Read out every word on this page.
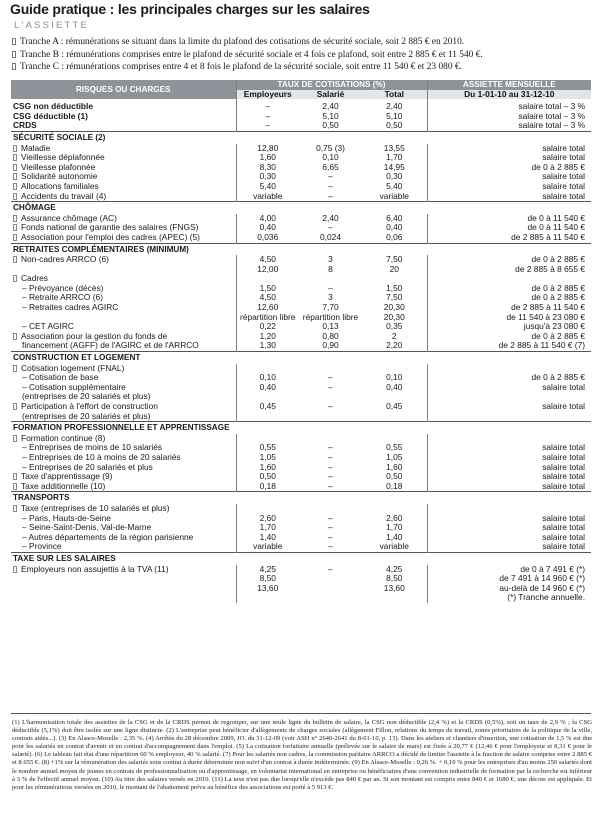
Guide pratique : les principales charges sur les salaires
L'ASSIETTE
Tranche A : rémunérations se situant dans la limite du plafond des cotisations de sécurité sociale, soit 2 885 € en 2010.
Tranche B : rémunérations comprises entre le plafond de sécurité sociale et 4 fois ce plafond, soit entre 2 885 € et 11 540 €.
Tranche C : rémunérations comprises entre 4 et 8 fois le plafond de la sécurité sociale, soit entre 11 540 € et 23 080 €.
RISQUES OU CHARGES	TAUX DE COTISATIONS (%)			ASSIETTE MENSUELLE
	Employeurs	Salarié	Total	Du 1-01-10 au 31-12-10
CSG non déductible	–	2,40	2,40	salaire total – 3 %
CSG déductible (1)	–	5,10	5,10	salaire total – 3 %
CRDS	–	0,50	0,50	salaire total – 3 %
SÉCURITÉ SOCIALE (2)				
Maladie	12,80	0,75 (3)	13,55	salaire total
Vieillesse déplafonnée	1,60	0,10	1,70	salaire total
Vieillesse plafonnée	8,30	6,65	14,95	de 0 à 2 885 €
Solidarité autonomie	0,30	–	0,30	salaire total
Allocations familiales	5,40	–	5,40	salaire total
Accidents du travail (4)	variable	–	variable	salaire total
CHÔMAGE				
Assurance chômage (AC)	4,00	2,40	6,40	de 0 à 11 540 €
Fonds national de garantie des salaires (FNGS)	0,40	–	0,40	de 0 à 11 540 €
Association pour l'emploi des cadres (APEC) (5)	0,036	0,024	0,06	de 2 885 à 11 540 €
RETRAITES COMPLÉMENTAIRES (MINIMUM)				
Non-cadres ARRCO (6)	4,50	3	7,50	de 0 à 2 885 €
	12,00	8	20	de 2 885 à 8 655 €

Cadres				
– Prévoyance (décès)	1,50	–	1,50	de 0 à 2 885 €
– Retraite ARRCO (6)	4,50	3	7,50	de 0 à 2 885 €
– Retraites cadres AGIRC	12,60	7,70	20,30	de 2 885 à 11 540 €
	répartition libre	répartition libre	20,30	de 11 540 à 23 080 €
– CET AGIRC	0,22	0,13	0,35	jusqu'à 23 080 €
Association pour la gestion du fonds de	1,20	0,80	2	de 0 à 2 885 €
financement (AGFF) de l'AGIRC et de l'ARRCO	1,30	0,90	2,20	de 2 885 à 11 540 € (7)
CONSTRUCTION ET LOGEMENT				
Cotisation logement (FNAL)				
– Cotisation de base	0,10	–	0,10	de 0 à 2 885 €
– Cotisation supplémentaire	0,40	–	0,40	salaire total
(entreprises de 20 salariés et plus)				
Participation à l'effort de construction	0,45	–	0,45	salaire total
(entreprises de 20 salariés et plus)				
FORMATION PROFESSIONNELLE ET APPRENTISSAGE				
Formation continue (8)				
– Entreprises de moins de 10 salariés	0,55	–	0,55	salaire total
– Entreprises de 10 à moins de 20 salariés	1,05	–	1,05	salaire total
– Entreprises de 20 salariés et plus	1,60	–	1,60	salaire total
Taxe d'apprentissage (9)	0,50	–	0,50	salaire total
Taxe additionnelle (10)	0,18	–	0,18	salaire total
TRANSPORTS				
Taxe (entreprises de 10 salariés et plus)				
– Paris, Hauts-de-Seine	2,60	–	2,60	salaire total
– Seine-Saint-Denis, Val-de-Marne	1,70	–	1,70	salaire total
– Autres départements de la région parisienne	1,40	–	1,40	salaire total
– Province	variable	–	variable	salaire total
TAXE SUR LES SALAIRES				
Employeurs non assujettis à la TVA (11)	4,25	–	4,25	de 0 à 7 491 € (*)
	8,50		8,50	de 7 491 à 14 960 € (*)
	13,60		13,60	au-delà de 14 960 € (*)
				(*) Tranche annuelle.
(1) L'harmonisation totale des assiettes de la CSG et de la CRDS permet de regrouper, sur une seule ligne du bulletin de salaire, la CSG non déductible (2,4 %) et la CRDS (0,5%), soit un taux de 2,9 % ; la CSG déductible (5,1%) doit être isolée sur une ligne distincte. (2) L'entreprise peut bénéficier d'allègements de charges sociales (allègement Fillon, relations du temps de travail, zones prioritaires de la politique de la ville, contrats aidés...). (3) En Alsace-Moselle : 2,35 %. (4) Arrêtés du 28 décembre 2009, JO. du 31-12-09 (voir ASH n° 2640-2641 du 8-01-10, p. 13). Dans les ateliers et chantiers d'insertion, une cotisation de 1,5 % est due pour les salariés en contrat d'avenir et en contrat d'accompagnement dans l'emploi. (5) La cotisation forfaitaire annuelle (prélevée sur le salaire de mars) est fixée à 20,77 € (12,46 € pour l'employeur et 8,31 € pour le salarié). (6) Le tableau fait état d'une répartition 60 % employeur, 40 % salarié. (7) Pour les salariés non cadres, la commission paritaire ARRCO a décidé de limiter l'assiette à la fraction de salaire comprise entre 2 885 € et 8 655 €. (8) +1% sur la rémunération des salariés sous contrat à durée déterminée non suivi d'un contrat à durée indéterminée. (9) En Alsace-Moselle : 0,26 %. + 0,10 % pour les entreprises d'au moins 250 salariés dont le nombre annuel moyen de jeunes en contrats de professionnalisation ou d'apprentissage, en volontariat international en entreprise ou bénéficiaires d'une convention industrielle de formation par la recherche est inférieur à 3 % de l'effectif annuel moyen. (10) Au titre des salaires versés en 2010. (11) La taxe n'est pas due lorsqu'elle n'excède pas 840 € par an. Si son montant est compris entre 840 € et 1680 €, une décote est appliquée. Et pour les rémunérations versées en 2010, le montant de l'abattement prévu au bénéfice des associations est porté à 5 913 €.
